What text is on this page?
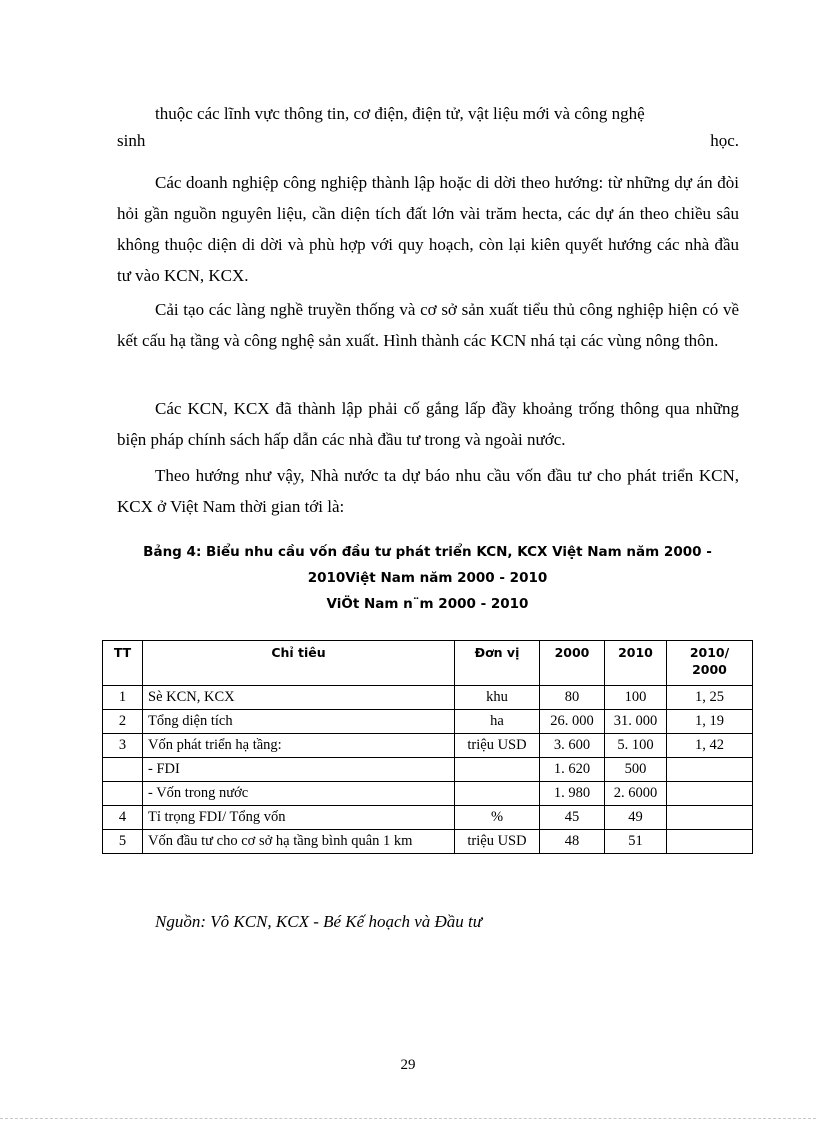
thuộc các lĩnh vực thông tin, cơ điện, điện tử, vật liệu mới và công nghệ

sinh	học.

Các doanh nghiệp công nghiệp thành lập hoặc di dời theo hướng: từ những dự án đòi hỏi gần nguồn nguyên liệu, cần diện tích đất lớn vài trăm hecta, các dự án theo chiều sâu không thuộc diện di dời và phù hợp với quy hoạch, còn lại kiên quyết hướng các nhà đầu tư vào KCN, KCX.

Cải tạo các làng nghề truyền thống và cơ sở sản xuất tiểu thủ công nghiệp hiện có về kết cấu hạ tầng và công nghệ sản xuất. Hình thành các KCN nhá tại các vùng nông thôn.

Các KCN, KCX đã thành lập phải cố gắng lấp đầy khoảng trống thông qua những biện pháp chính sách hấp dẫn các nhà đầu tư trong và ngoài nước.

Theo hướng như vậy, Nhà nước ta dự báo nhu cầu vốn đầu tư cho phát triển KCN, KCX ở Việt Nam thời gian tới là:

Bảng 4: Biểu nhu cầu vốn đầu tư phát triển KCN, KCX Việt Nam năm 2000 -
2010Việt Nam năm 2000 - 2010
ViÖt Nam n¨m 2000 - 2010
TT	Chỉ tiêu	Đơn vị	2000	2010	2010/ 2000
1	Sè KCN, KCX	khu	80	100	1, 25
2	Tổng diện tích	ha	26. 000	31. 000	1, 19
3	Vốn phát triển hạ tầng:	triệu USD	3. 600	5. 100	1, 42
	- FDI		1. 620	500	
	- Vốn trong nước		1. 980	2. 6000	
4	Tỉ trọng FDI/ Tổng vốn	%	45	49	
5	Vốn đầu tư cho cơ sở hạ tầng bình quân 1 km	triệu USD	48	51	

Nguồn: Vô KCN, KCX - Bé Kế hoạch và Đầu tư

29
